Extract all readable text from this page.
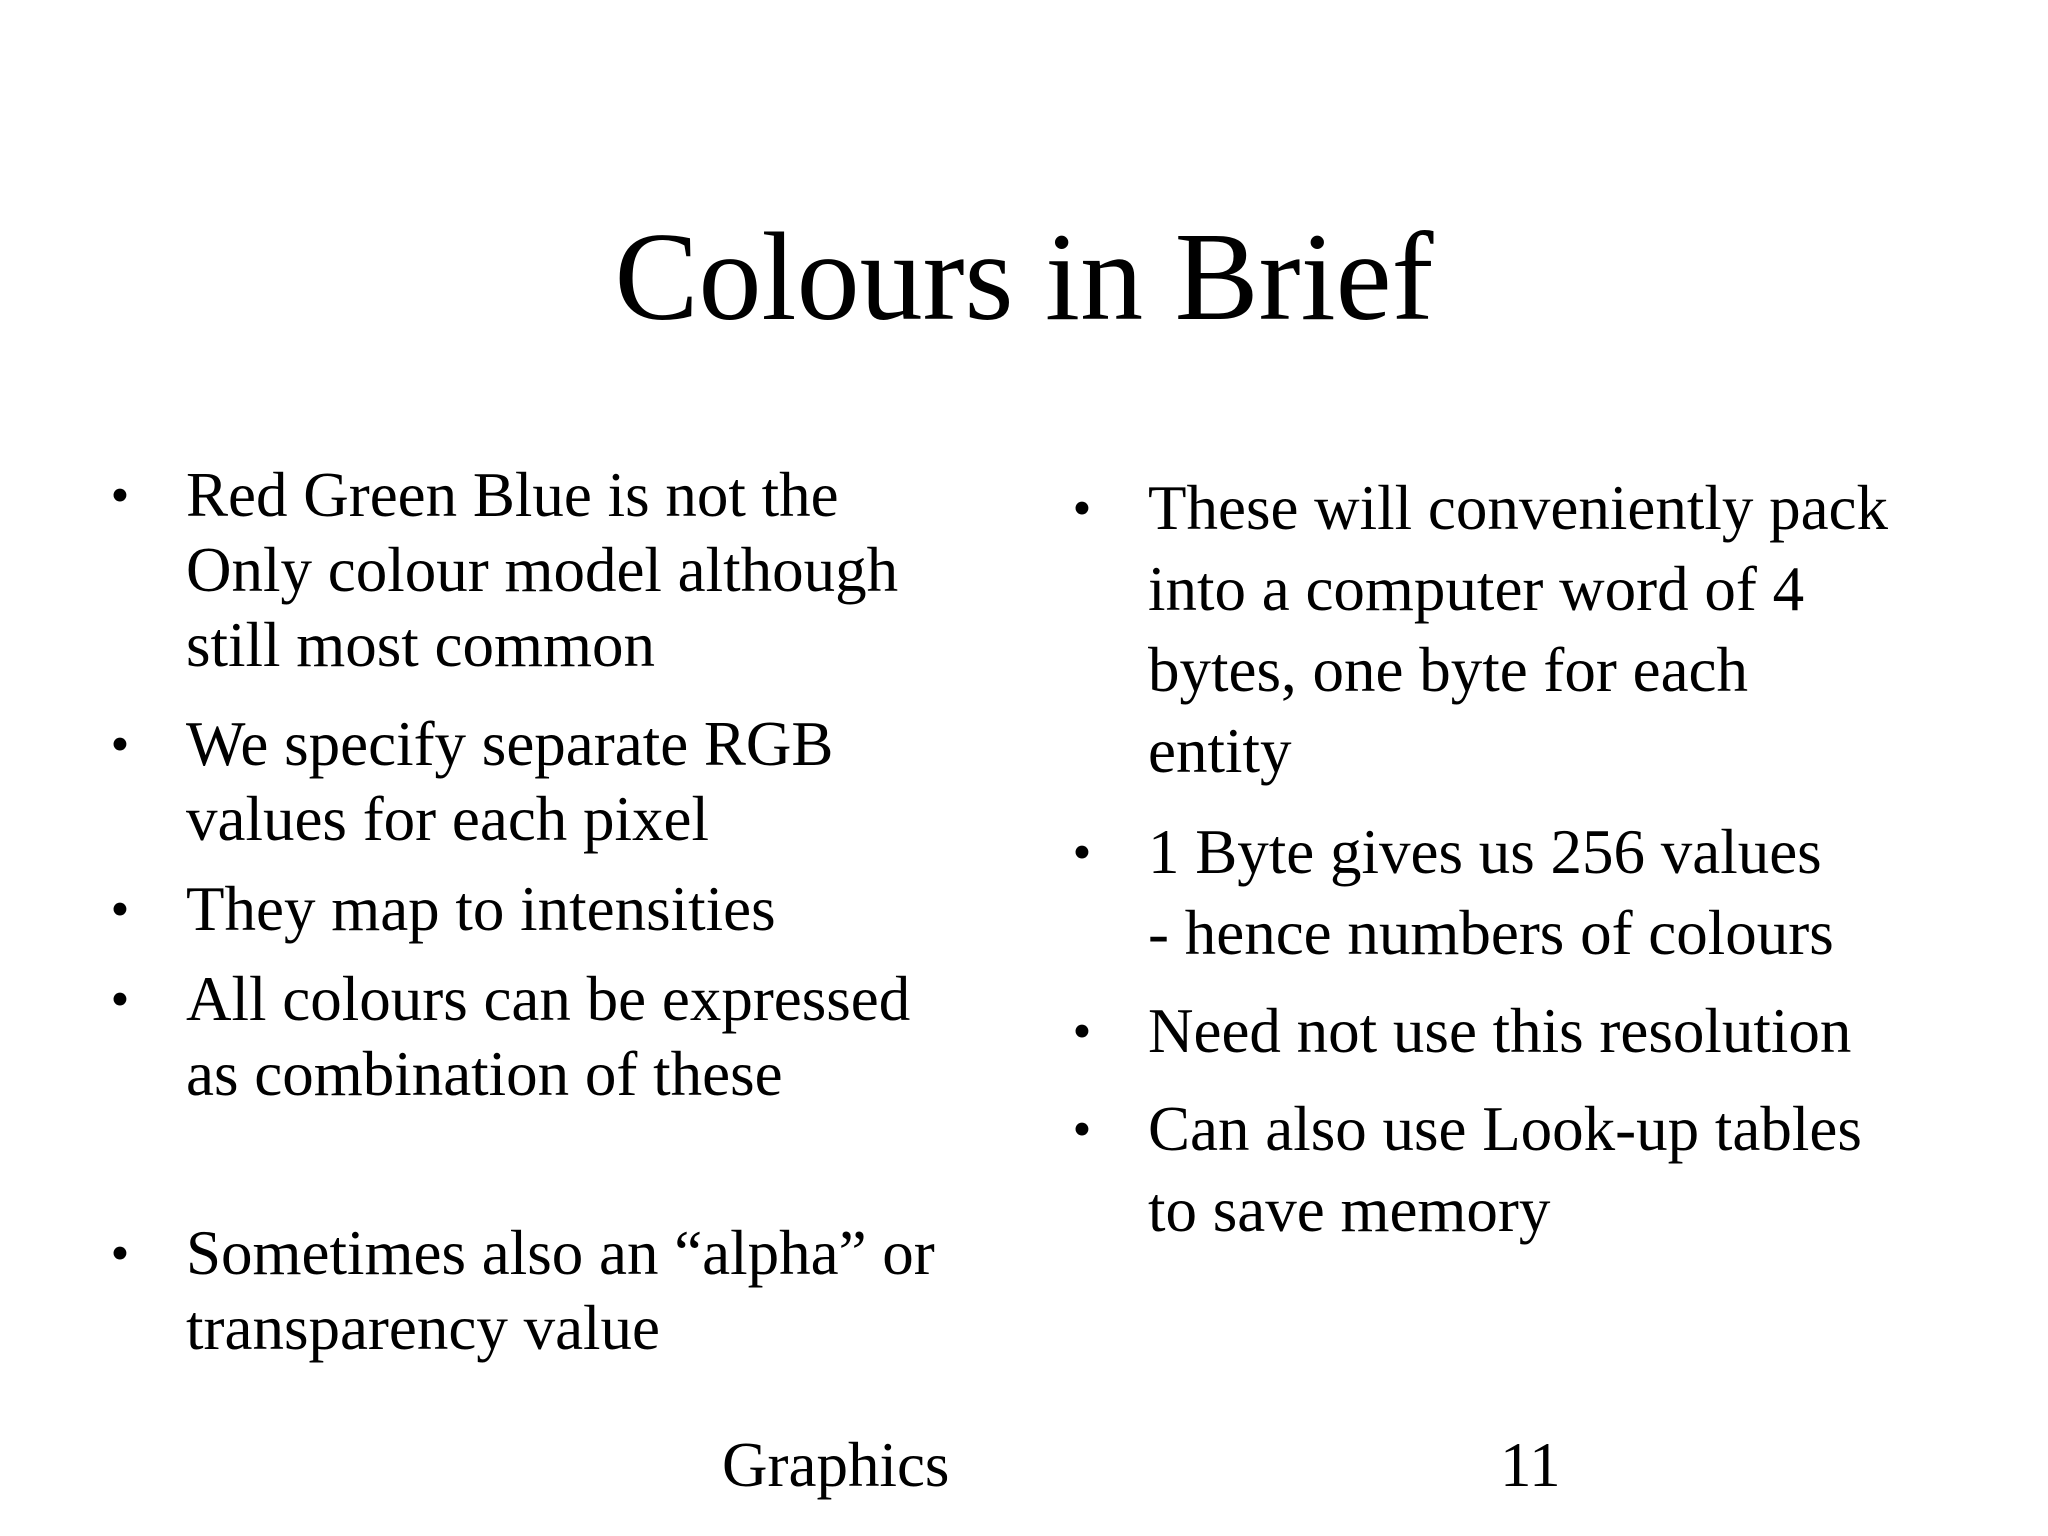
Colours in Brief
• Red Green Blue is not the
Only colour model although
still most common
• We specify separate RGB
values for each pixel
• They map to intensities
• All colours can be expressed
as combination of these
• Sometimes also an “alpha” or
transparency value
• These will conveniently pack
into a computer word of 4
bytes, one byte for each
entity
• 1 Byte gives us 256 values
- hence numbers of colours
• Need not use this resolution
• Can also use Look-up tables
to save memory
Graphics	11
